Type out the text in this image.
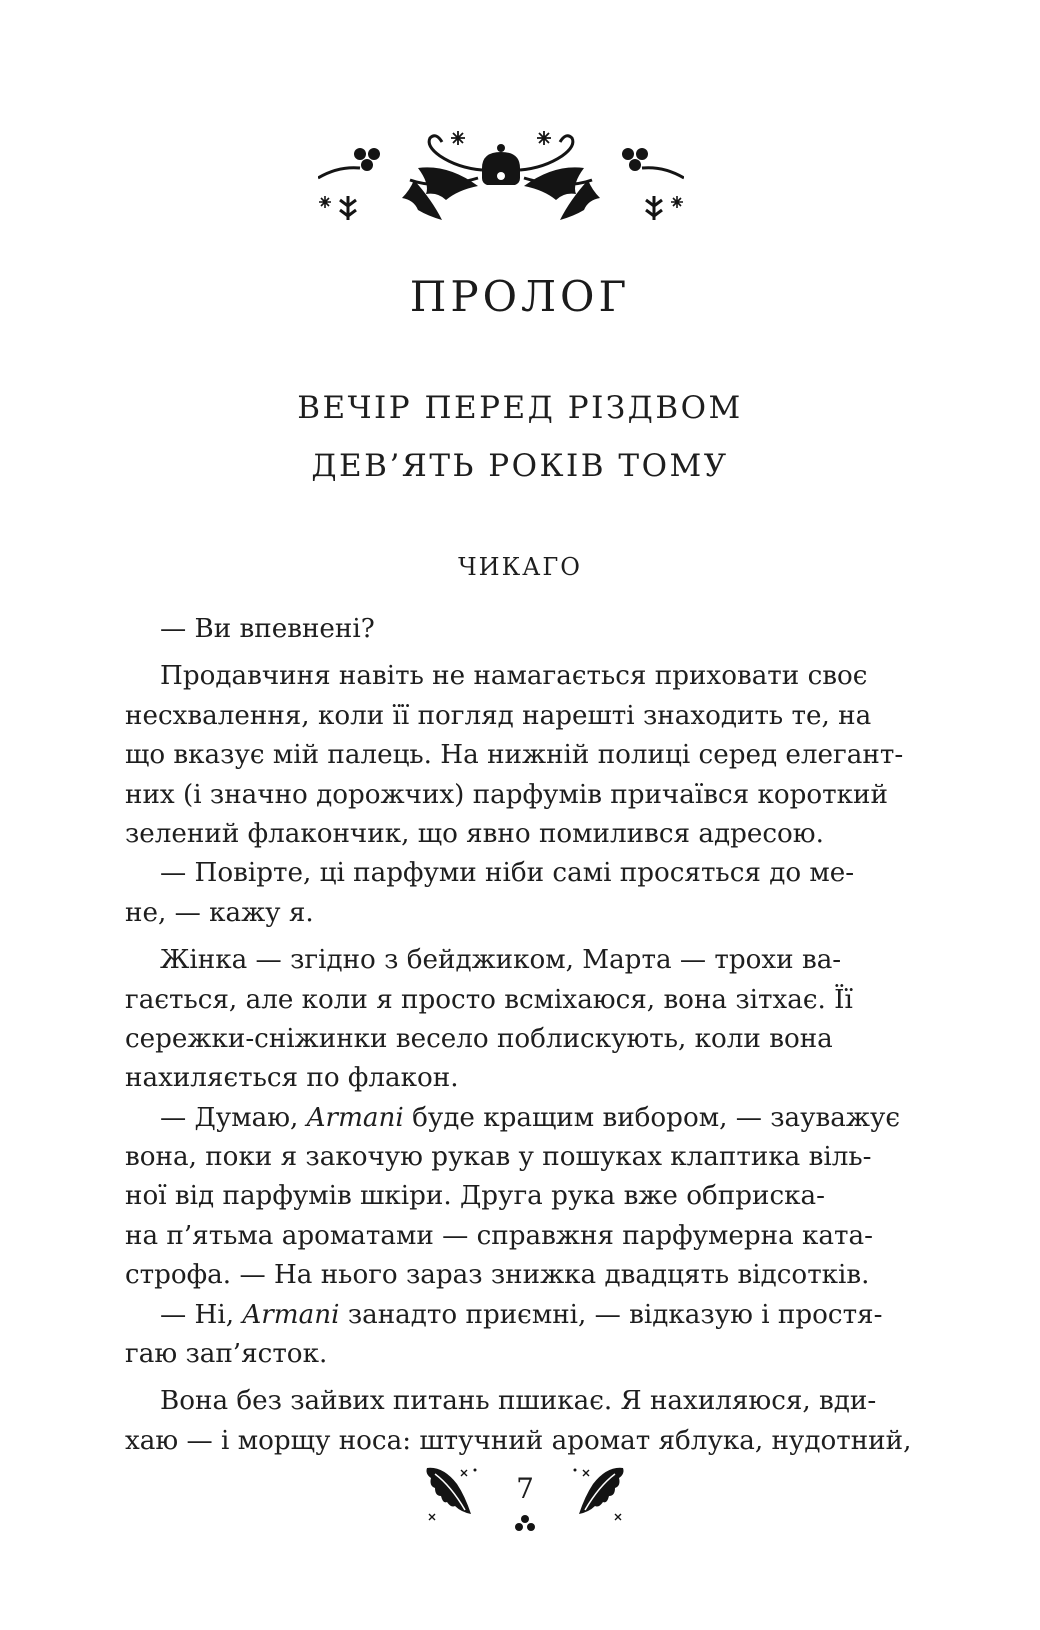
ПРОЛОГ
ВЕЧІР ПЕРЕД РІЗДВОМ
ДЕВ’ЯТЬ РОКІВ ТОМУ
ЧИКАГО
— Ви впевнені?
Продавчиня навіть не намагається приховати своє
несхвалення, коли її погляд нарешті знаходить те, на
що вказує мій палець. На нижній полиці серед елегант-
них (і значно дорожчих) парфумів причаївся короткий
зелений флакончик, що явно помилився адресою.
— Повірте, ці парфуми ніби самі просяться до ме-
не, — кажу я.
Жінка — згідно з бейджиком, Марта — трохи ва-
гається, але коли я просто всміхаюся, вона зітхає. Її
сережки-сніжинки весело поблискують, коли вона
нахиляється по флакон.
— Думаю, Armani буде кращим вибором, — зауважує
вона, поки я закочую рукав у пошуках клаптика віль-
ної від парфумів шкіри. Друга рука вже обприска-
на п’ятьма ароматами — справжня парфумерна ката-
строфа. — На нього зараз знижка двадцять відсотків.
— Ні, Armani занадто приємні, — відказую і простя-
гаю зап’ясток.
Вона без зайвих питань пшикає. Я нахиляюся, вди-
хаю — і морщу носа: штучний аромат яблука, нудотний,
7
